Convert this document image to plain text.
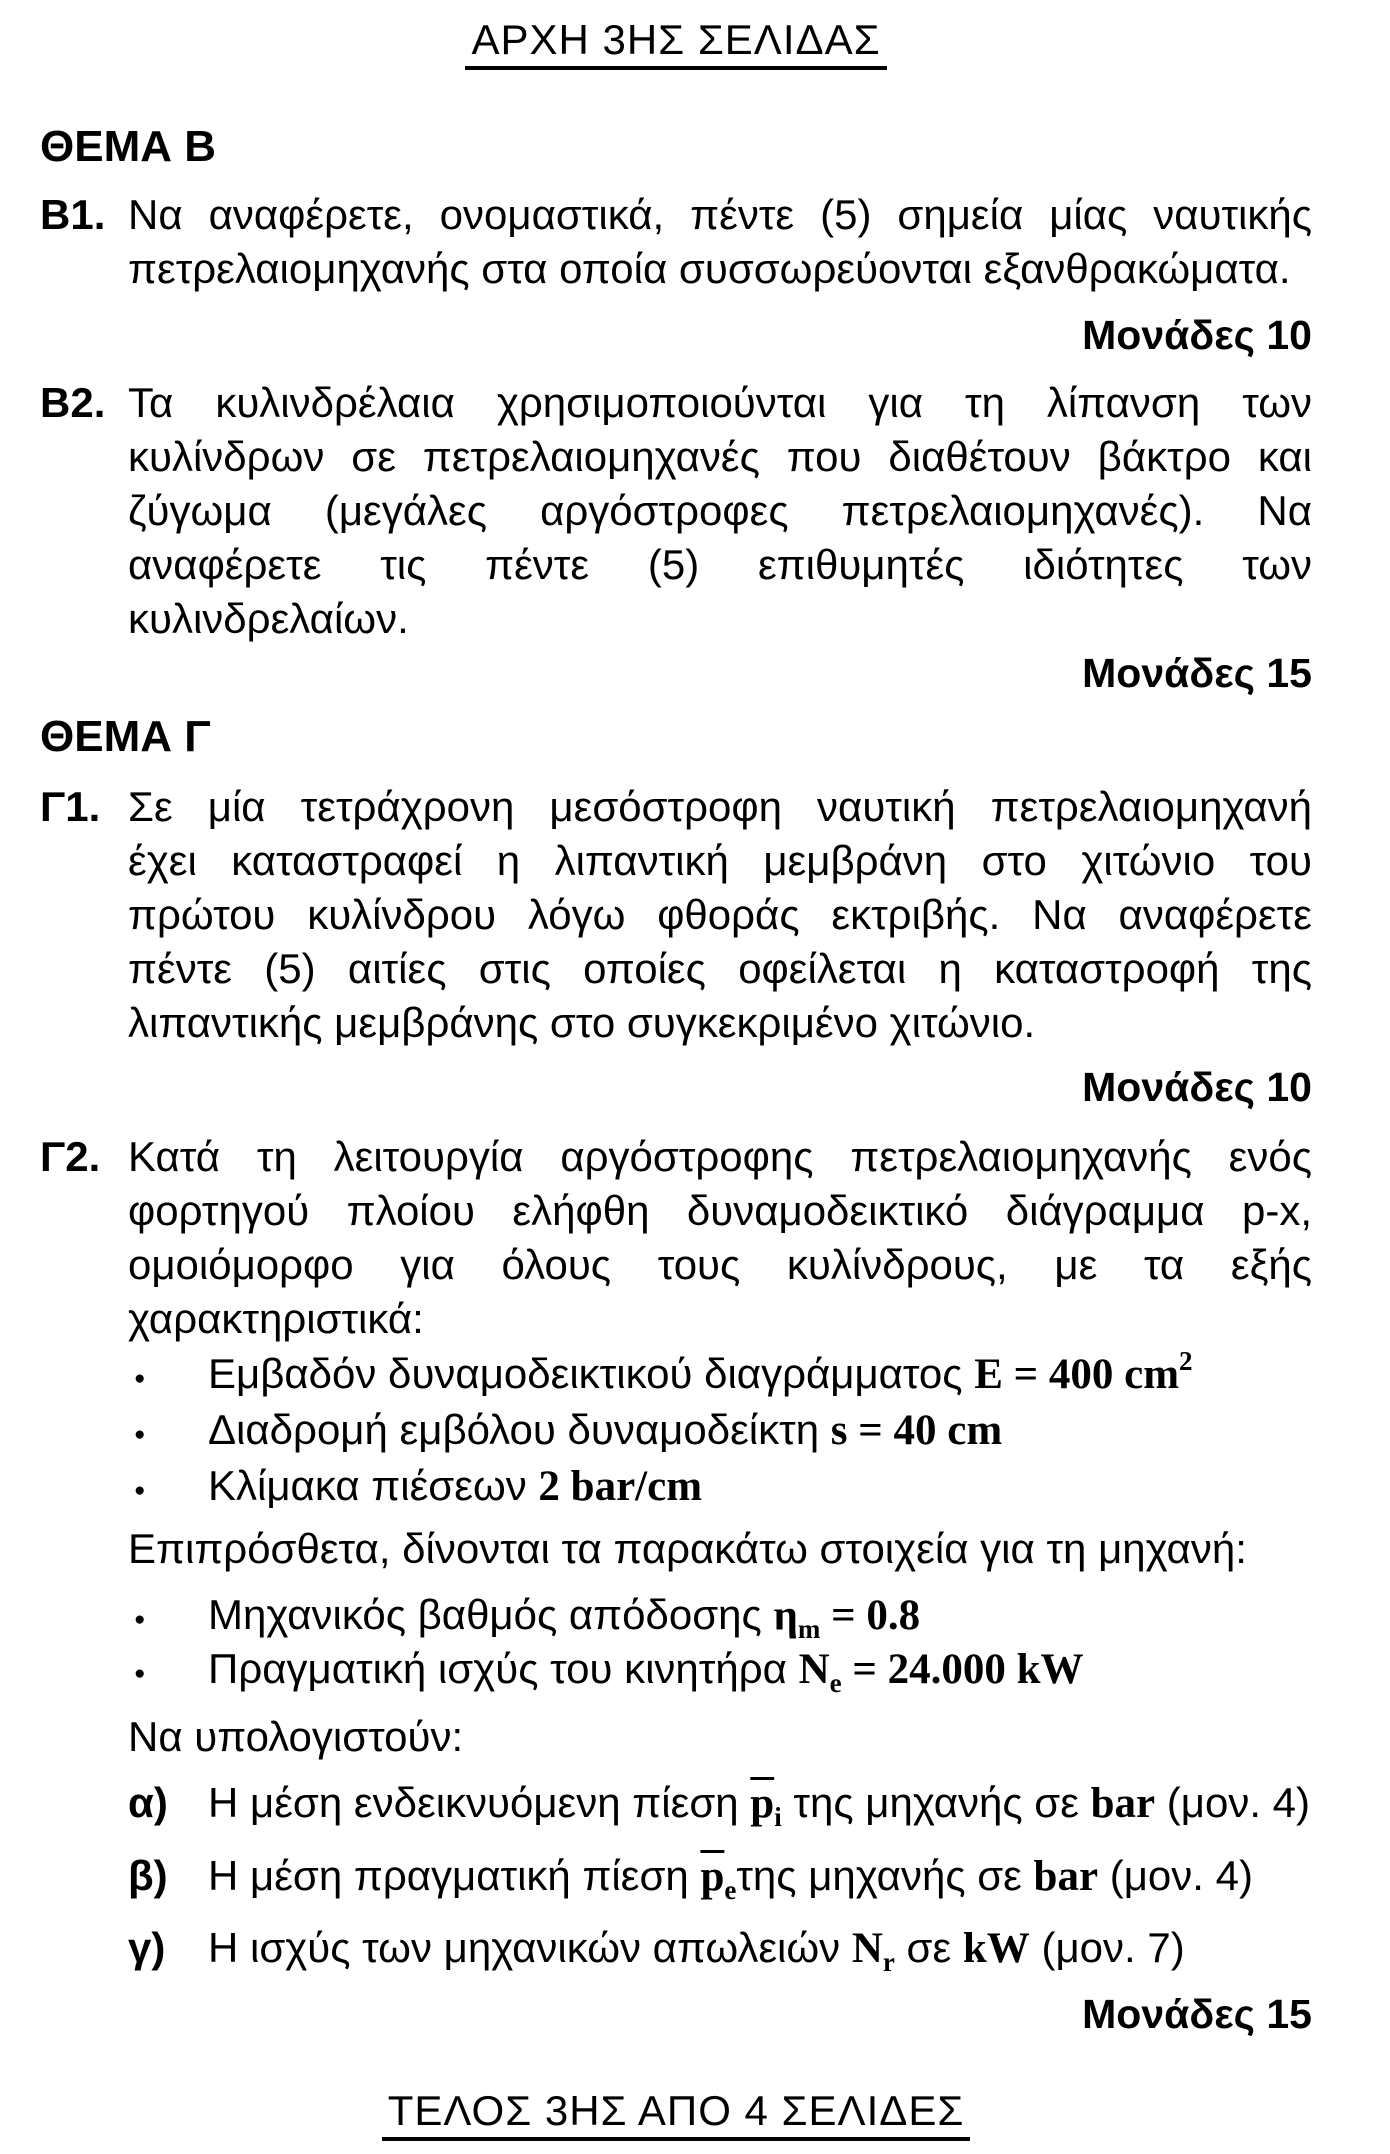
ΑΡΧΗ 3ΗΣ ΣΕΛΙΔΑΣ
ΘΕΜΑ Β
Β1. Να αναφέρετε, ονομαστικά, πέντε (5) σημεία μίας ναυτικής
πετρελαιομηχανής στα οποία συσσωρεύονται εξανθρακώματα.
Μονάδες 10
Β2. Τα κυλινδρέλαια χρησιμοποιούνται για τη λίπανση των
κυλίνδρων σε πετρελαιομηχανές που διαθέτουν βάκτρο και
ζύγωμα (μεγάλες αργόστροφες πετρελαιομηχανές). Να
αναφέρετε τις πέντε (5) επιθυμητές ιδιότητες των
κυλινδρελαίων.
Μονάδες 15
ΘΕΜΑ Γ
Γ1. Σε μία τετράχρονη μεσόστροφη ναυτική πετρελαιομηχανή
έχει καταστραφεί η λιπαντική μεμβράνη στο χιτώνιο του
πρώτου κυλίνδρου λόγω φθοράς εκτριβής. Να αναφέρετε
πέντε (5) αιτίες στις οποίες οφείλεται η καταστροφή της
λιπαντικής μεμβράνης στο συγκεκριμένο χιτώνιο.
Μονάδες 10
Γ2. Κατά τη λειτουργία αργόστροφης πετρελαιομηχανής ενός
φορτηγού πλοίου ελήφθη δυναμοδεικτικό διάγραμμα p-x,
ομοιόμορφο για όλους τους κυλίνδρους, με τα εξής
χαρακτηριστικά:
●
Εμβαδόν δυναμοδεικτικού διαγράμματος E = 400 $cm^2$
●
Διαδρομή εμβόλου δυναμοδείκτη s = 40 cm
●
Κλίμακα πιέσεων 2 bar/cm
Επιπρόσθετα, δίνονται τα παρακάτω στοιχεία για τη μηχανή:
●
Μηχανικός βαθμός απόδοσης $\eta_m = 0.8$
●
Πραγματική ισχύς του κινητήρα $N_e = 24.000$ kW
Να υπολογιστούν:
α) Η μέση ενδεικνυόμενη πίεση $\overline{p}_i$ της μηχανής σε bar (μον. 4)
β) Η μέση πραγματική πίεση $\overline{p}_e\tau\eta\varsigma$ μηχανής σε bar (μον. 4)
γ)	Η ισχύς των μηχανικών απωλειών $N_r$ σε kW (μον. 7)
Μονάδες 15
ΤΕΛΟΣ 3ΗΣ ΑΠΟ 4 ΣΕΛΙΔΕΣ
